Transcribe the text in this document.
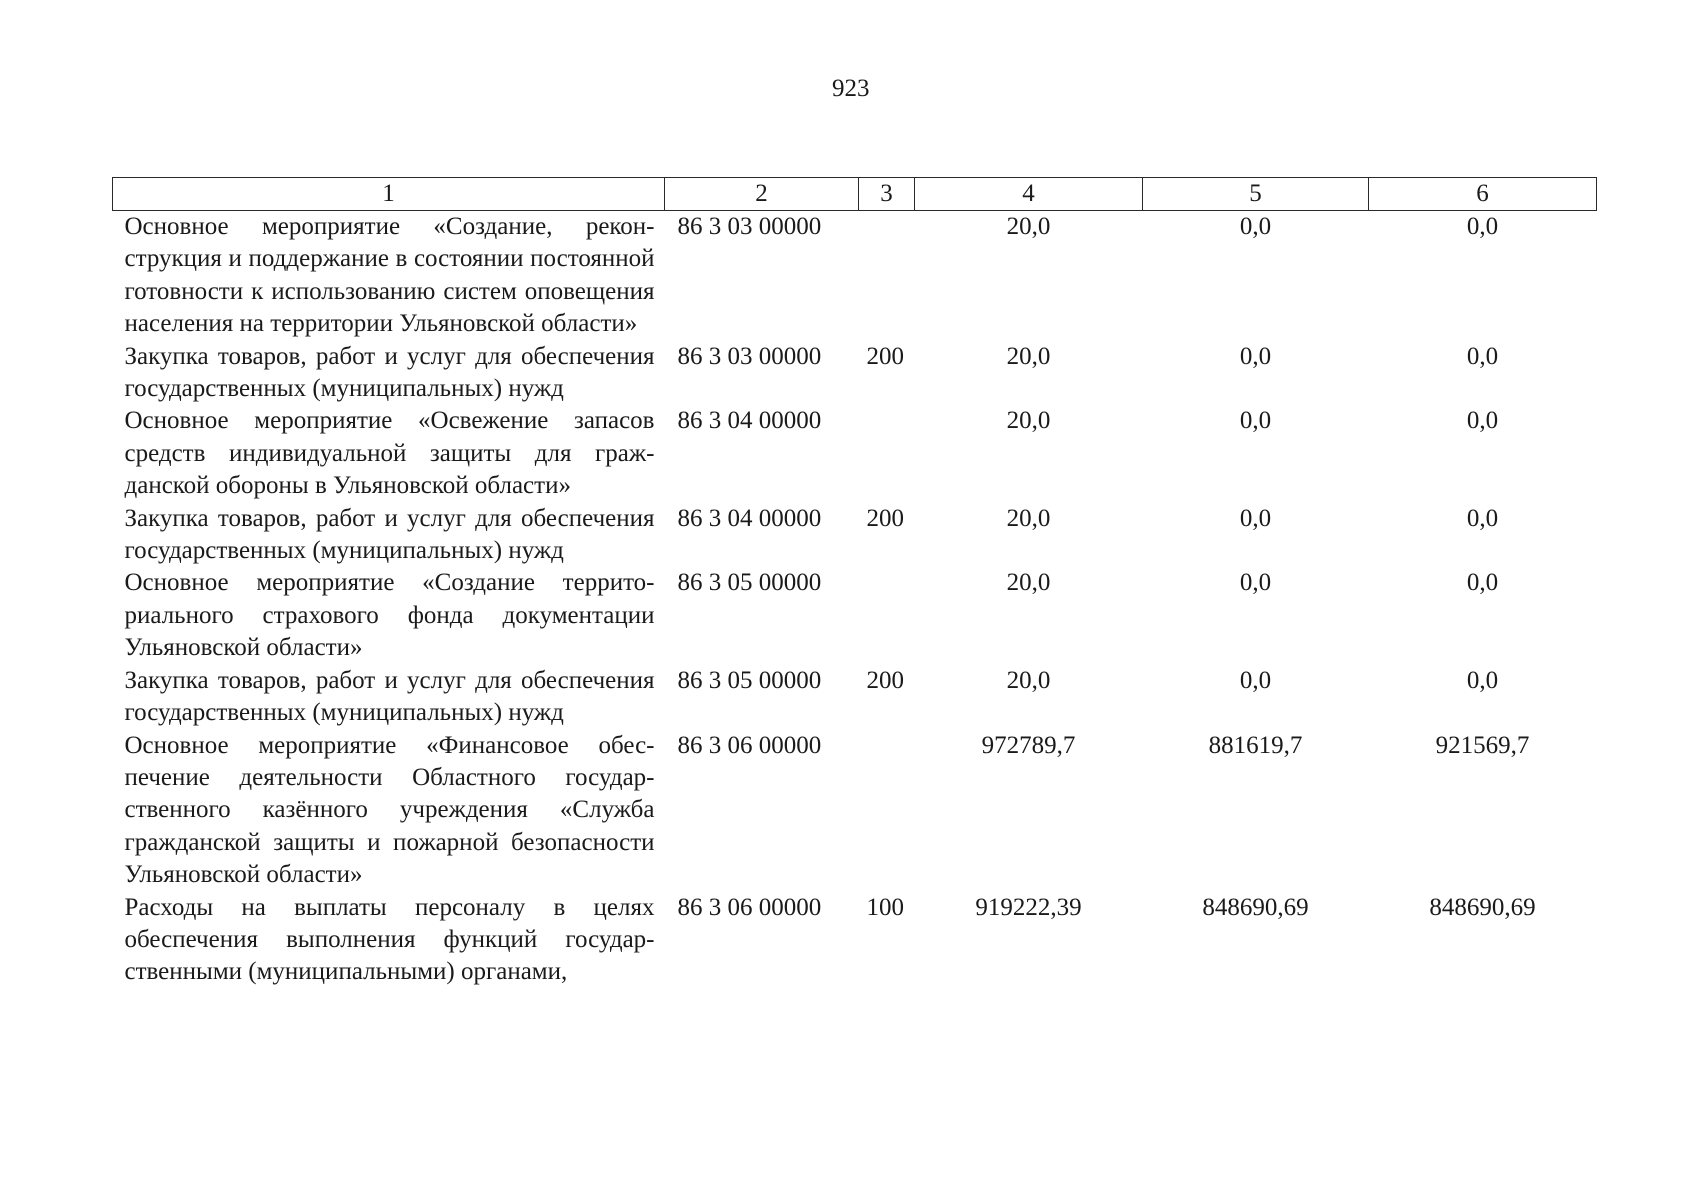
923
1	2	3	4	5	6
Основное мероприятие «Создание, реконструкция и поддержание в состоянии постоянной готовности к использованию систем оповещения населения на территории Ульяновской области»	86 3 03 00000		20,0	0,0	0,0
Закупка товаров, работ и услуг для обеспечения государственных (муниципальных) нужд	86 3 03 00000	200	20,0	0,0	0,0
Основное мероприятие «Освежение запасов средств индивидуальной защиты для гражданской обороны в Ульяновской области»	86 3 04 00000		20,0	0,0	0,0
Закупка товаров, работ и услуг для обеспечения государственных (муниципальных) нужд	86 3 04 00000	200	20,0	0,0	0,0
Основное мероприятие «Создание территориального страхового фонда документации Ульяновской области»	86 3 05 00000		20,0	0,0	0,0
Закупка товаров, работ и услуг для обеспечения государственных (муниципальных) нужд	86 3 05 00000	200	20,0	0,0	0,0
Основное мероприятие «Финансовое обеспечение деятельности Областного государственного казённого учреждения «Служба гражданской защиты и пожарной безопасности Ульяновской области»	86 3 06 00000		972789,7	881619,7	921569,7
Расходы на выплаты персоналу в целях обеспечения выполнения функций государственными (муниципальными) органами,	86 3 06 00000	100	919222,39	848690,69	848690,69
